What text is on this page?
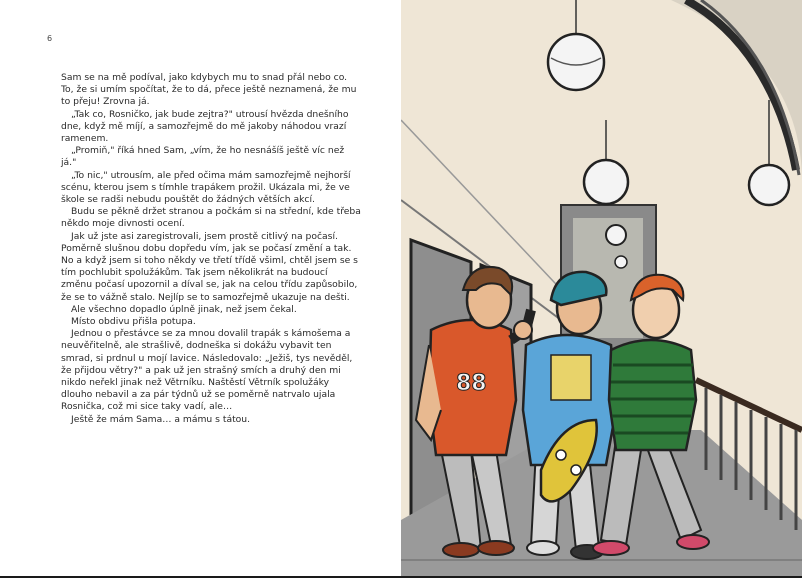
6

Sam se na mě podíval, jako kdybych mu to snad přál nebo co. To, že si umím spočítat, že to dá, přece ještě neznamená, že mu to přeju! Zrovna já.

„Tak co, Rosničko, jak bude zejtra?" utrousí hvězda dnešního dne, když mě míjí, a samozřejmě do mě jakoby náhodou vrazí ramenem.

„Promiň," říká hned Sam, „vím, že ho nesnášíš ještě víc než já."

„To nic," utrousím, ale před očima mám samozřejmě nejhorší scénu, kterou jsem s tímhle trapákem prožil. Ukázala mi, že ve škole se radši nebudu pouštět do žádných větších akcí.

Budu se pěkně držet stranou a počkám si na střední, kde třeba někdo moje divnosti ocení.

Jak už jste asi zaregistrovali, jsem prostě citlivý na počasí. Poměrně slušnou dobu dopředu vím, jak se počasí změní a tak. No a když jsem si toho někdy ve třetí třídě všiml, chtěl jsem se s tím pochlubit spolužákům. Tak jsem několikrát na budoucí změnu počasí upozornil a díval se, jak na celou třídu zapůsobilo, že se to vážně stalo. Nejlíp se to samozřejmě ukazuje na dešti.

Ale všechno dopadlo úplně jinak, než jsem čekal.

Místo obdivu přišla potupa.

Jednou o přestávce se za mnou dovalil trapák s kámošema a neuvěřitelně, ale strašlivě, dodneška si dokážu vybavit ten smrad, si prdnul u mojí lavice. Následovalo: „Ježiš, tys nevěděl, že přijdou větry?" a pak už jen strašný smích a druhý den mi nikdo neřekl jinak než Větrníku. Naštěstí Větrník spolužáky dlouho nebavil a za pár týdnů už se poměrně natrvalo ujala Rosnička, což mi sice taky vadí, ale…

Ještě že mám Sama… a mámu s tátou.

88
